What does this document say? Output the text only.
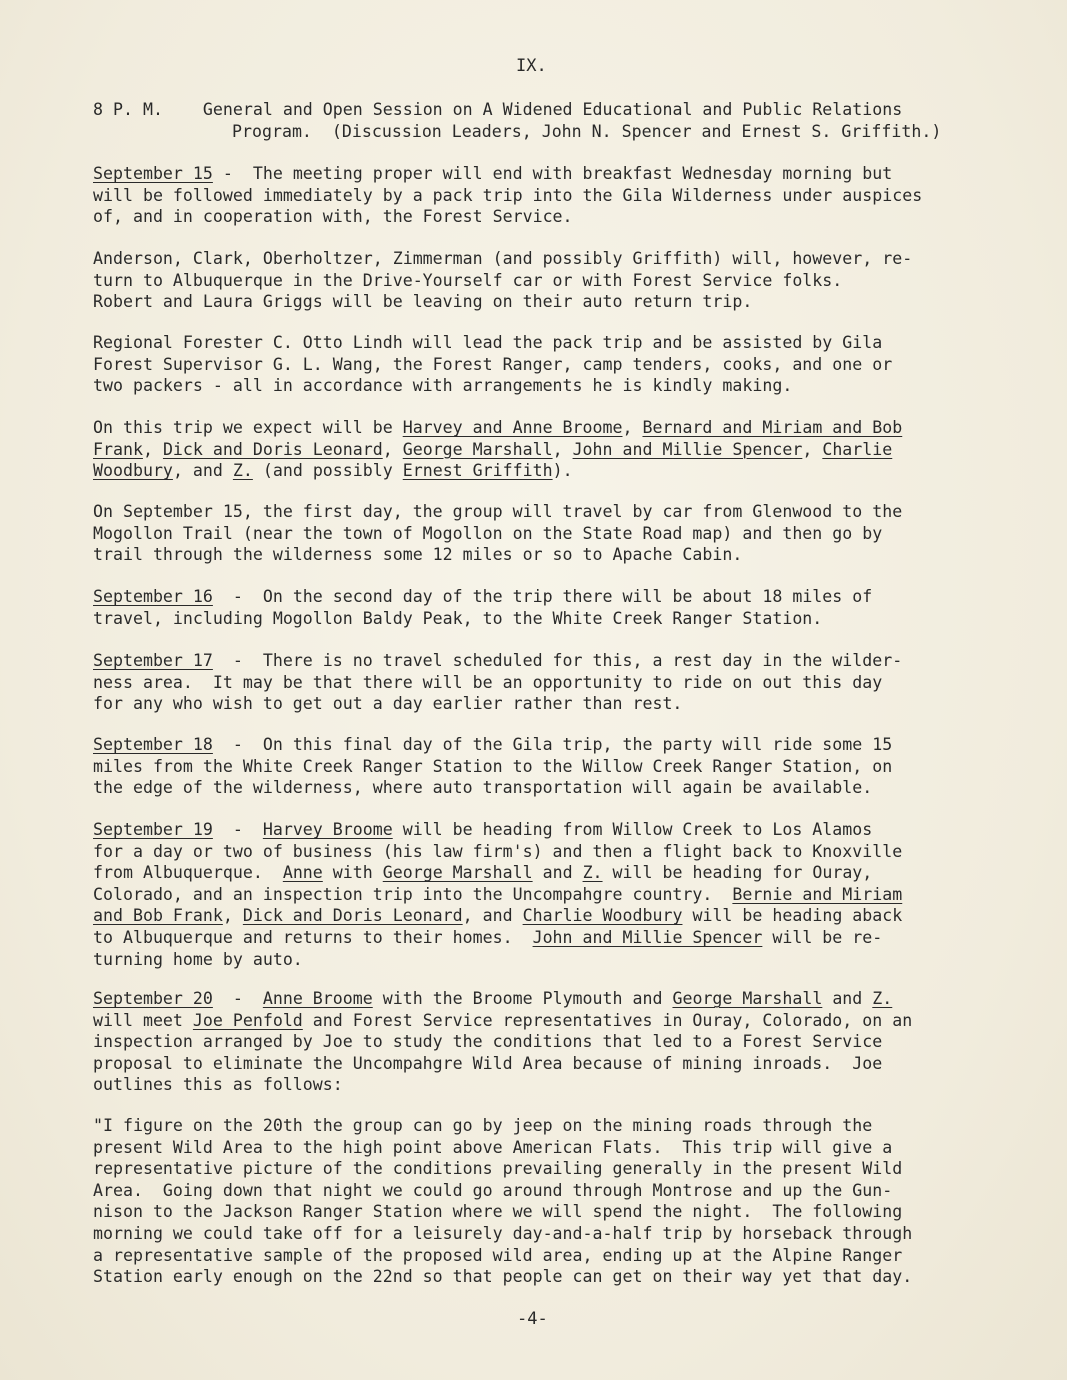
IX.
8 P. M. General and Open Session on A Widened Educational and Public Relations
Program.  (Discussion Leaders, John N. Spencer and Ernest S. Griffith.)
September 15 -  The meeting proper will end with breakfast Wednesday morning but
will be followed immediately by a pack trip into the Gila Wilderness under auspices
of, and in cooperation with, the Forest Service.
Anderson, Clark, Oberholtzer, Zimmerman (and possibly Griffith) will, however, re-
turn to Albuquerque in the Drive-Yourself car or with Forest Service folks.
Robert and Laura Griggs will be leaving on their auto return trip.
Regional Forester C. Otto Lindh will lead the pack trip and be assisted by Gila
Forest Supervisor G. L. Wang, the Forest Ranger, camp tenders, cooks, and one or
two packers - all in accordance with arrangements he is kindly making.
On this trip we expect will be Harvey and Anne Broome, Bernard and Miriam and Bob
Frank, Dick and Doris Leonard, George Marshall, John and Millie Spencer, Charlie
Woodbury, and Z. (and possibly Ernest Griffith).
On September 15, the first day, the group will travel by car from Glenwood to the
Mogollon Trail (near the town of Mogollon on the State Road map) and then go by
trail through the wilderness some 12 miles or so to Apache Cabin.
September 16  -  On the second day of the trip there will be about 18 miles of
travel, including Mogollon Baldy Peak, to the White Creek Ranger Station.
September 17  -  There is no travel scheduled for this, a rest day in the wilder-
ness area.  It may be that there will be an opportunity to ride on out this day
for any who wish to get out a day earlier rather than rest.
September 18  -  On this final day of the Gila trip, the party will ride some 15
miles from the White Creek Ranger Station to the Willow Creek Ranger Station, on
the edge of the wilderness, where auto transportation will again be available.
September 19  -  Harvey Broome will be heading from Willow Creek to Los Alamos
for a day or two of business (his law firm's) and then a flight back to Knoxville
from Albuquerque.  Anne with George Marshall and Z. will be heading for Ouray,
Colorado, and an inspection trip into the Uncompahgre country.  Bernie and Miriam
and Bob Frank, Dick and Doris Leonard, and Charlie Woodbury will be heading aback
to Albuquerque and returns to their homes.  John and Millie Spencer will be re-
turning home by auto.
September 20  -  Anne Broome with the Broome Plymouth and George Marshall and Z.
will meet Joe Penfold and Forest Service representatives in Ouray, Colorado, on an
inspection arranged by Joe to study the conditions that led to a Forest Service
proposal to eliminate the Uncompahgre Wild Area because of mining inroads.  Joe
outlines this as follows:
"I figure on the 20th the group can go by jeep on the mining roads through the
present Wild Area to the high point above American Flats.  This trip will give a
representative picture of the conditions prevailing generally in the present Wild
Area.  Going down that night we could go around through Montrose and up the Gun-
nison to the Jackson Ranger Station where we will spend the night.  The following
morning we could take off for a leisurely day-and-a-half trip by horseback through
a representative sample of the proposed wild area, ending up at the Alpine Ranger
Station early enough on the 22nd so that people can get on their way yet that day.
-4-
